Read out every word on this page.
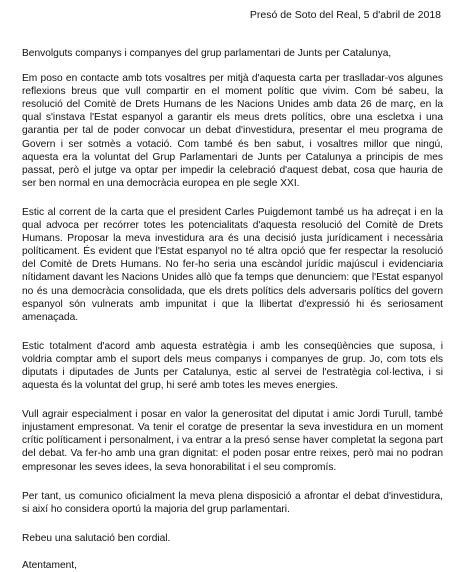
Presó de Soto del Real, 5 d'abril de 2018

Benvolguts companys i companyes del grup parlamentari de Junts per Catalunya,

Em poso en contacte amb tots vosaltres per mitjà d'aquesta carta per traslladar-vos algunes reflexions breus que vull compartir en el moment polític que vivim. Com bé sabeu, la resolució del Comitè de Drets Humans de les Nacions Unides amb data 26 de març, en la qual s'instava l'Estat espanyol a garantir els meus drets polítics, obre una escletxa i una garantia per tal de poder convocar un debat d'investidura, presentar el meu programa de Govern i ser sotmès a votació. Com també és ben sabut, i vosaltres millor que ningú, aquesta era la voluntat del Grup Parlamentari de Junts per Catalunya a principis de mes passat, però el jutge va optar per impedir la celebració d'aquest debat, cosa que hauria de ser ben normal en una democràcia europea en ple segle XXI.

Estic al corrent de la carta que el president Carles Puigdemont també us ha adreçat i en la qual advoca per recórrer totes les potencialitats d'aquesta resolució del Comitè de Drets Humans. Proposar la meva investidura ara és una decisió justa jurídicament i necessària políticament. És evident que l'Estat espanyol no té altra opció que fer respectar la resolució del Comitè de Drets Humans. No fer-ho seria una escàndol jurídic majúscul i evidenciaria nítidament davant les Nacions Unides allò que fa temps que denunciem: que l'Estat espanyol no és una democràcia consolidada, que els drets polítics dels adversaris polítics del govern espanyol són vulnerats amb impunitat i que la llibertat d'expressió hi és seriosament amenaçada.

Estic totalment d'acord amb aquesta estratègia i amb les conseqüències que suposa, i voldria comptar amb el suport dels meus companys i companyes de grup. Jo, com tots els diputats i diputades de Junts per Catalunya, estic al servei de l'estratègia col·lectiva, i si aquesta és la voluntat del grup, hi seré amb totes les meves energies.

Vull agrair especialment i posar en valor la generositat del diputat i amic Jordi Turull, també injustament empresonat. Va tenir el coratge de presentar la seva investidura en un moment crític políticament i personalment, i va entrar a la presó sense haver completat la segona part del debat. Va fer-ho amb una gran dignitat: el poden posar entre reixes, però mai no podran empresonar les seves idees, la seva honorabilitat i el seu compromís.

Per tant, us comunico oficialment la meva plena disposició a afrontar el debat d'investidura, si així ho considera oportú la majoria del grup parlamentari.

Rebeu una salutació ben cordial.

Atentament,
